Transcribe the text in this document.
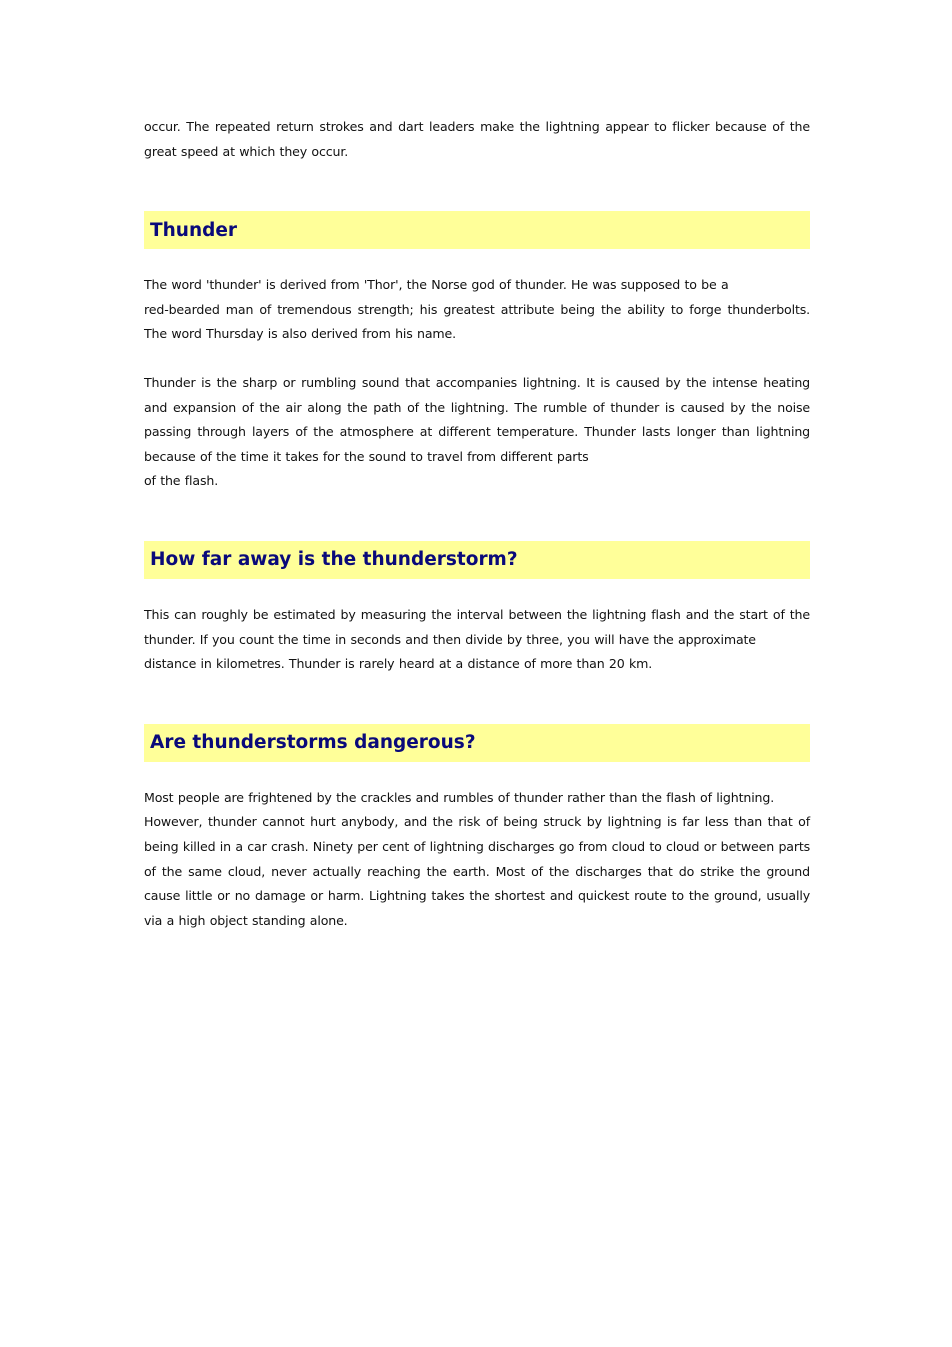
occur. The repeated return strokes and dart leaders make the lightning appear to flicker because of the
great speed at which they occur.

Thunder

The word 'thunder' is derived from 'Thor', the Norse god of thunder. He was supposed to be a
red-bearded man of tremendous strength; his greatest attribute being the ability to forge thunderbolts.
The word Thursday is also derived from his name.

Thunder is the sharp or rumbling sound that accompanies lightning. It is caused by the intense heating
and expansion of the air along the path of the lightning. The rumble of thunder is caused by the noise
passing through layers of the atmosphere at different temperature. Thunder lasts longer than lightning
because of the time it takes for the sound to travel from different parts
of the flash.

How far away is the thunderstorm?

This can roughly be estimated by measuring the interval between the lightning flash and the start of the
thunder. If you count the time in seconds and then divide by three, you will have the approximate
distance in kilometres. Thunder is rarely heard at a distance of more than 20 km.

Are thunderstorms dangerous?

Most people are frightened by the crackles and rumbles of thunder rather than the flash of lightning.
However, thunder cannot hurt anybody, and the risk of being struck by lightning is far less than that of
being killed in a car crash. Ninety per cent of lightning discharges go from cloud to cloud or between parts
of the same cloud, never actually reaching the earth. Most of the discharges that do strike the ground
cause little or no damage or harm. Lightning takes the shortest and quickest route to the ground, usually
via a high object standing alone.
